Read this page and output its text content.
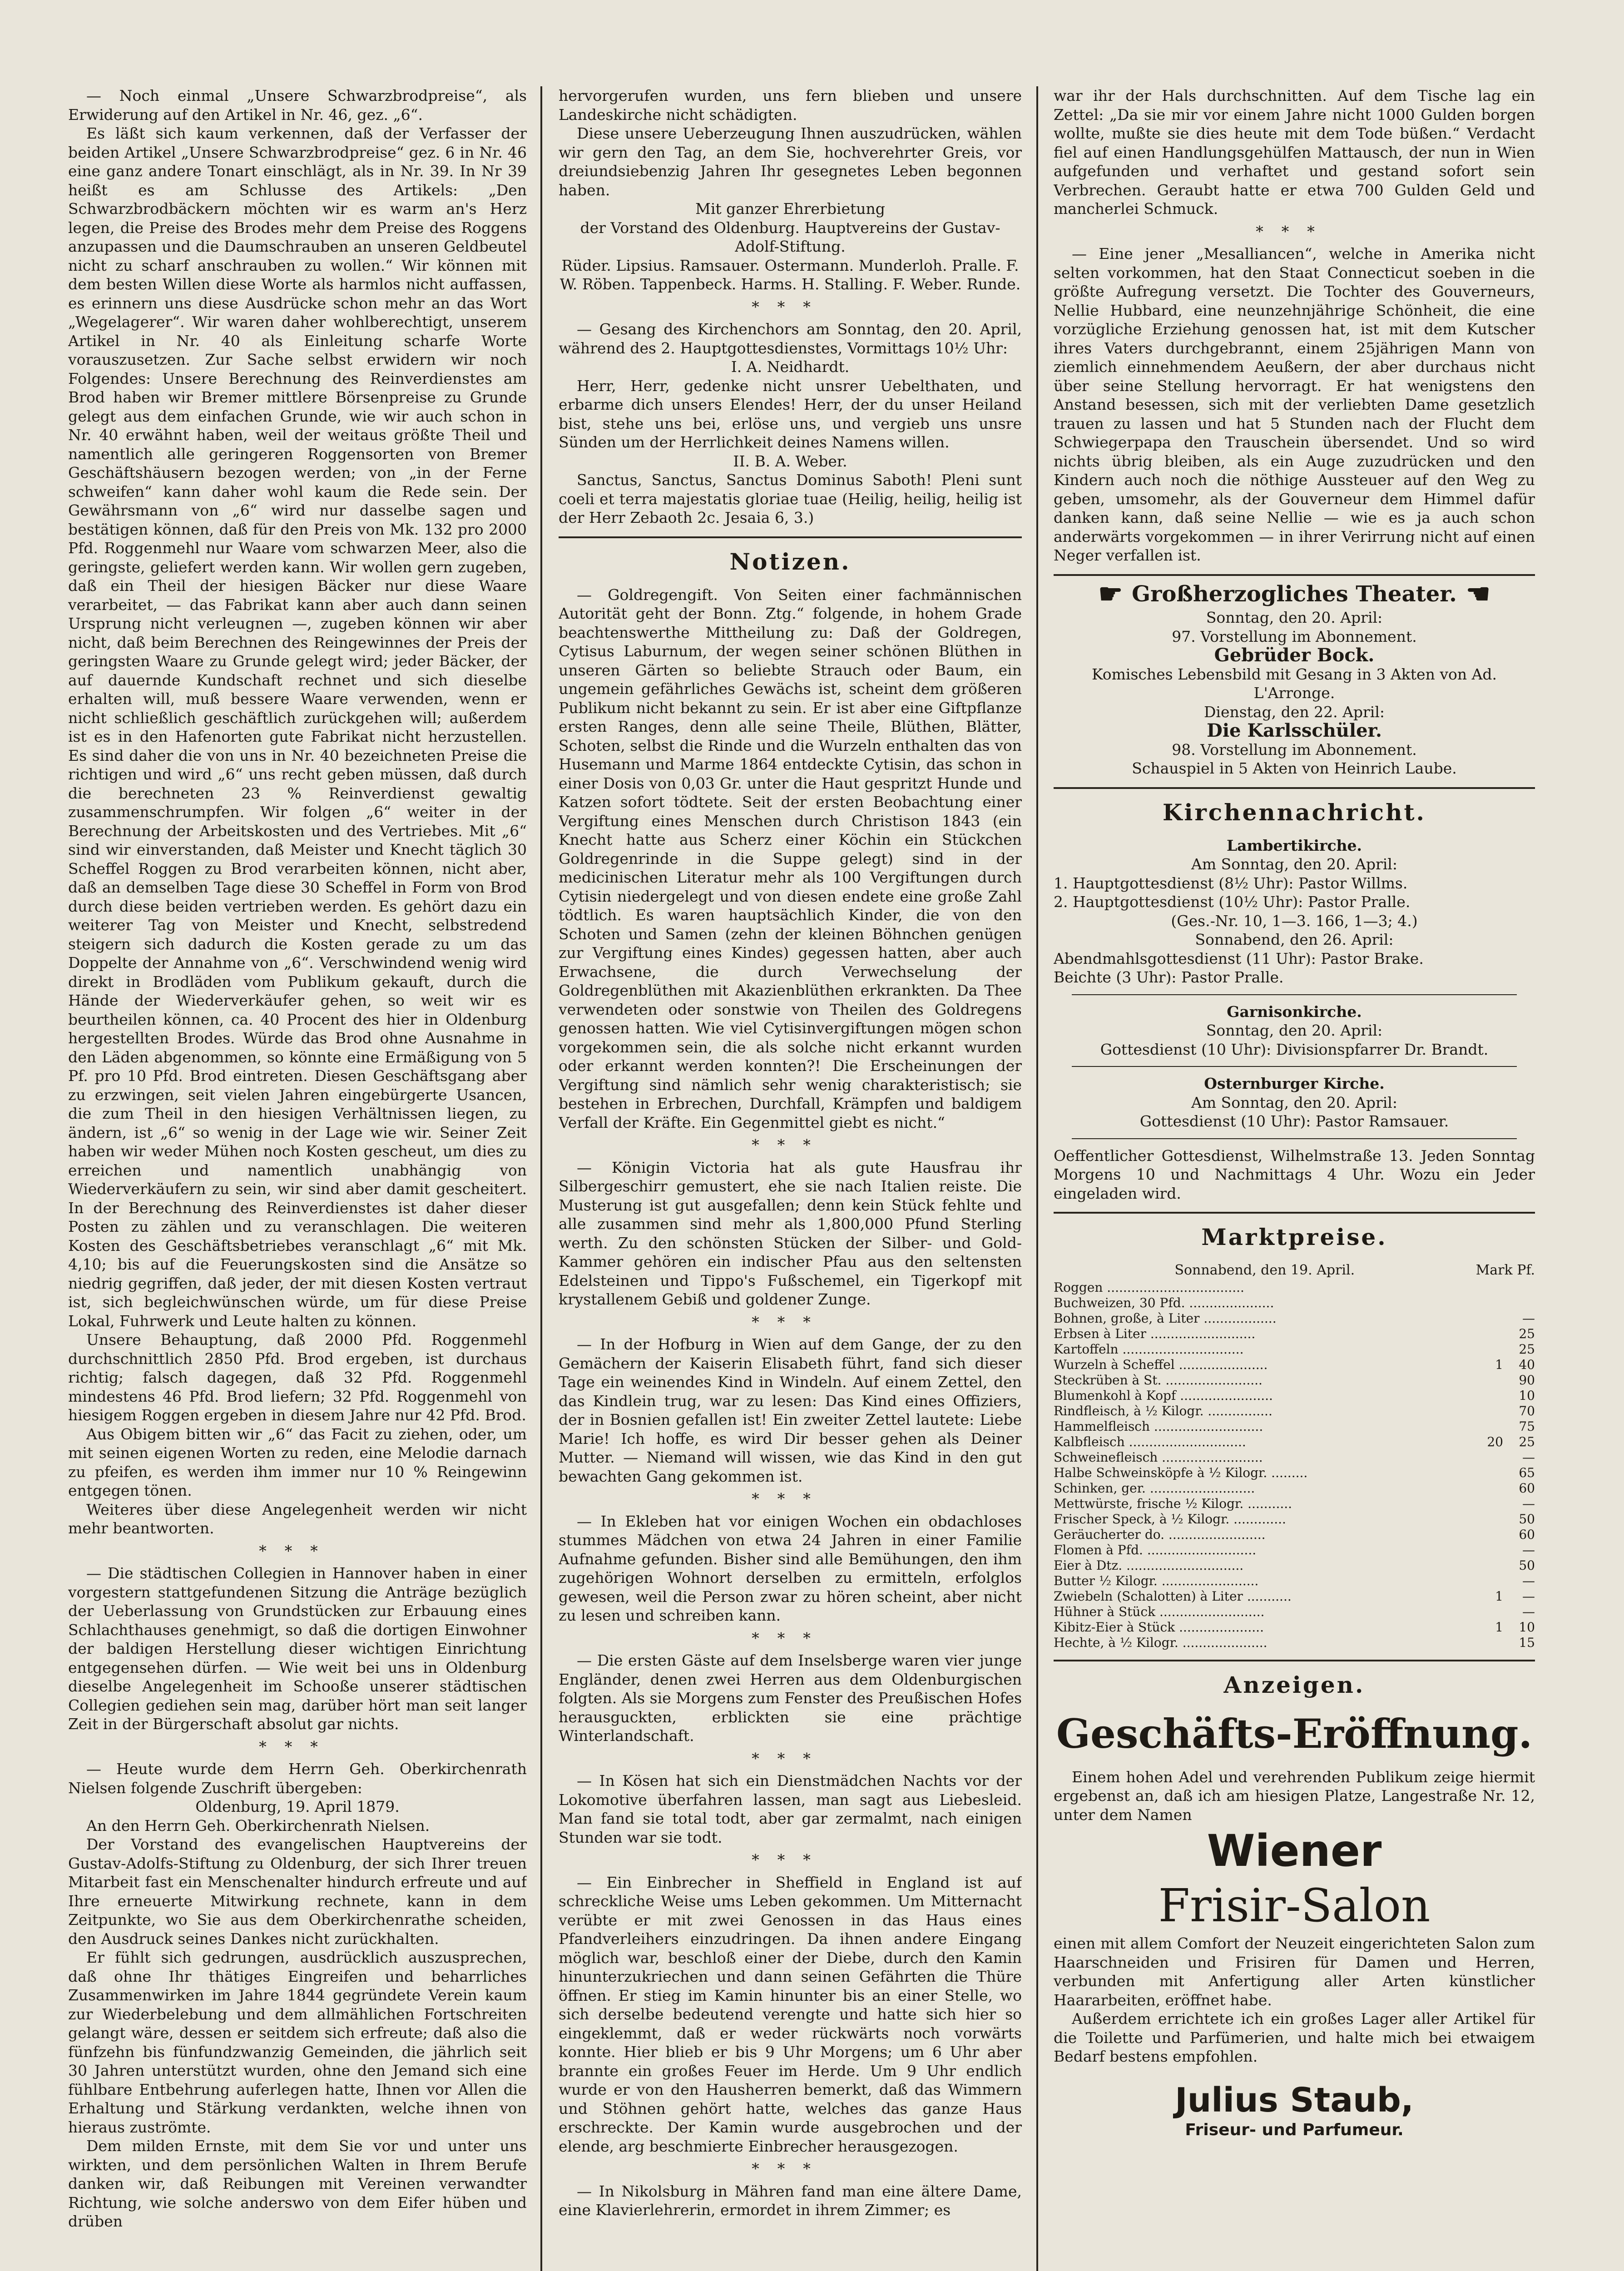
— Noch einmal „Unsere Schwarzbrodpreise“, als Erwiderung auf den Artikel in Nr. 46, gez. „6“.

Es läßt sich kaum verkennen, daß der Verfasser der beiden Artikel „Unsere Schwarzbrodpreise“ gez. 6 in Nr. 46 eine ganz andere Tonart einschlägt, als in Nr. 39. In Nr 39 heißt es am Schlusse des Artikels: „Den Schwarzbrodbäckern möchten wir es warm an's Herz legen, die Preise des Brodes mehr dem Preise des Roggens anzupassen und die Daumschrauben an unseren Geldbeutel nicht zu scharf anschrauben zu wollen.“ Wir können mit dem besten Willen diese Worte als harmlos nicht auffassen, es erinnern uns diese Ausdrücke schon mehr an das Wort „Wegelagerer“. Wir waren daher wohlberechtigt, unserem Artikel in Nr. 40 als Einleitung scharfe Worte vorauszusetzen. Zur Sache selbst erwidern wir noch Folgendes: Unsere Berechnung des Reinverdienstes am Brod haben wir Bremer mittlere Börsenpreise zu Grunde gelegt aus dem einfachen Grunde, wie wir auch schon in Nr. 40 erwähnt haben, weil der weitaus größte Theil und namentlich alle geringeren Roggensorten von Bremer Geschäftshäusern bezogen werden; von „in der Ferne schweifen“ kann daher wohl kaum die Rede sein. Der Gewährsmann von „6“ wird nur dasselbe sagen und bestätigen können, daß für den Preis von Mk. 132 pro 2000 Pfd. Roggenmehl nur Waare vom schwarzen Meer, also die geringste, geliefert werden kann. Wir wollen gern zugeben, daß ein Theil der hiesigen Bäcker nur diese Waare verarbeitet, — das Fabrikat kann aber auch dann seinen Ursprung nicht verleugnen —, zugeben können wir aber nicht, daß beim Berechnen des Reingewinnes der Preis der geringsten Waare zu Grunde gelegt wird; jeder Bäcker, der auf dauernde Kundschaft rechnet und sich dieselbe erhalten will, muß bessere Waare verwenden, wenn er nicht schließlich geschäftlich zurückgehen will; außerdem ist es in den Hafenorten gute Fabrikat nicht herzustellen. Es sind daher die von uns in Nr. 40 bezeichneten Preise die richtigen und wird „6“ uns recht geben müssen, daß durch die berechneten 23 % Reinverdienst gewaltig zusammenschrumpfen. Wir folgen „6“ weiter in der Berechnung der Arbeitskosten und des Vertriebes. Mit „6“ sind wir einverstanden, daß Meister und Knecht täglich 30 Scheffel Roggen zu Brod verarbeiten können, nicht aber, daß an demselben Tage diese 30 Scheffel in Form von Brod durch diese beiden vertrieben werden. Es gehört dazu ein weiterer Tag von Meister und Knecht, selbstredend steigern sich dadurch die Kosten gerade zu um das Doppelte der Annahme von „6“. Verschwindend wenig wird direkt in Brodläden vom Publikum gekauft, durch die Hände der Wiederverkäufer gehen, so weit wir es beurtheilen können, ca. 40 Procent des hier in Oldenburg hergestellten Brodes. Würde das Brod ohne Ausnahme in den Läden abgenommen, so könnte eine Ermäßigung von 5 Pf. pro 10 Pfd. Brod eintreten. Diesen Geschäftsgang aber zu erzwingen, seit vielen Jahren eingebürgerte Usancen, die zum Theil in den hiesigen Verhältnissen liegen, zu ändern, ist „6“ so wenig in der Lage wie wir. Seiner Zeit haben wir weder Mühen noch Kosten gescheut, um dies zu erreichen und namentlich unabhängig von Wiederverkäufern zu sein, wir sind aber damit gescheitert. In der Berechnung des Reinverdienstes ist daher dieser Posten zu zählen und zu veranschlagen. Die weiteren Kosten des Geschäftsbetriebes veranschlagt „6“ mit Mk. 4,10; bis auf die Feuerungskosten sind die Ansätze so niedrig gegriffen, daß jeder, der mit diesen Kosten vertraut ist, sich begleichwünschen würde, um für diese Preise Lokal, Fuhrwerk und Leute halten zu können.

Unsere Behauptung, daß 2000 Pfd. Roggenmehl durchschnittlich 2850 Pfd. Brod ergeben, ist durchaus richtig; falsch dagegen, daß 32 Pfd. Roggenmehl mindestens 46 Pfd. Brod liefern; 32 Pfd. Roggenmehl von hiesigem Roggen ergeben in diesem Jahre nur 42 Pfd. Brod.

Aus Obigem bitten wir „6“ das Facit zu ziehen, oder, um mit seinen eigenen Worten zu reden, eine Melodie darnach zu pfeifen, es werden ihm immer nur 10 % Reingewinn entgegen tönen.

Weiteres über diese Angelegenheit werden wir nicht mehr beantworten.

***

— Die städtischen Collegien in Hannover haben in einer vorgestern stattgefundenen Sitzung die Anträge bezüglich der Ueberlassung von Grundstücken zur Erbauung eines Schlachthauses genehmigt, so daß die dortigen Einwohner der baldigen Herstellung dieser wichtigen Einrichtung entgegensehen dürfen. — Wie weit bei uns in Oldenburg dieselbe Angelegenheit im Schooße unserer städtischen Collegien gediehen sein mag, darüber hört man seit langer Zeit in der Bürgerschaft absolut gar nichts.

***

— Heute wurde dem Herrn Geh. Oberkirchenrath Nielsen folgende Zuschrift übergeben:

Oldenburg, 19. April 1879.

An den Herrn Geh. Oberkirchenrath Nielsen.

Der Vorstand des evangelischen Hauptvereins der Gustav-Adolfs-Stiftung zu Oldenburg, der sich Ihrer treuen Mitarbeit fast ein Menschenalter hindurch erfreute und auf Ihre erneuerte Mitwirkung rechnete, kann in dem Zeitpunkte, wo Sie aus dem Oberkirchenrathe scheiden, den Ausdruck seines Dankes nicht zurückhalten.

Er fühlt sich gedrungen, ausdrücklich auszusprechen, daß ohne Ihr thätiges Eingreifen und beharrliches Zusammenwirken im Jahre 1844 gegründete Verein kaum zur Wiederbelebung und dem allmählichen Fortschreiten gelangt wäre, dessen er seitdem sich erfreute; daß also die fünfzehn bis fünfundzwanzig Gemeinden, die jährlich seit 30 Jahren unterstützt wurden, ohne den Jemand sich eine fühlbare Entbehrung auferlegen hatte, Ihnen vor Allen die Erhaltung und Stärkung verdankten, welche ihnen von hieraus zuströmte.

Dem milden Ernste, mit dem Sie vor und unter uns wirkten, und dem persönlichen Walten in Ihrem Berufe danken wir, daß Reibungen mit Vereinen verwandter Richtung, wie solche anderswo von dem Eifer hüben und drüben

hervorgerufen wurden, uns fern blieben und unsere Landeskirche nicht schädigten.

Diese unsere Ueberzeugung Ihnen auszudrücken, wählen wir gern den Tag, an dem Sie, hochverehrter Greis, vor dreiundsiebenzig Jahren Ihr gesegnetes Leben begonnen haben.

Mit ganzer Ehrerbietung

der Vorstand des Oldenburg. Hauptvereins der Gustav-Adolf-Stiftung.

Rüder. Lipsius. Ramsauer. Ostermann. Munderloh. Pralle. F. W. Röben. Tappenbeck. Harms. H. Stalling. F. Weber. Runde.

***

— Gesang des Kirchenchors am Sonntag, den 20. April, während des 2. Hauptgottesdienstes, Vormittags 10½ Uhr:

I. A. Neidhardt.

Herr, Herr, gedenke nicht unsrer Uebelthaten, und erbarme dich unsers Elendes! Herr, der du unser Heiland bist, stehe uns bei, erlöse uns, und vergieb uns unsre Sünden um der Herrlichkeit deines Namens willen.

II. B. A. Weber.

Sanctus, Sanctus, Sanctus Dominus Saboth! Pleni sunt coeli et terra majestatis gloriae tuae (Heilig, heilig, heilig ist der Herr Zebaoth 2c. Jesaia 6, 3.)

Notizen.

— Goldregengift. Von Seiten einer fachmännischen Autorität geht der Bonn. Ztg.“ folgende, in hohem Grade beachtenswerthe Mittheilung zu: Daß der Goldregen, Cytisus Laburnum, der wegen seiner schönen Blüthen in unseren Gärten so beliebte Strauch oder Baum, ein ungemein gefährliches Gewächs ist, scheint dem größeren Publikum nicht bekannt zu sein. Er ist aber eine Giftpflanze ersten Ranges, denn alle seine Theile, Blüthen, Blätter, Schoten, selbst die Rinde und die Wurzeln enthalten das von Husemann und Marme 1864 entdeckte Cytisin, das schon in einer Dosis von 0,03 Gr. unter die Haut gespritzt Hunde und Katzen sofort tödtete. Seit der ersten Beobachtung einer Vergiftung eines Menschen durch Christison 1843 (ein Knecht hatte aus Scherz einer Köchin ein Stückchen Goldregenrinde in die Suppe gelegt) sind in der medicinischen Literatur mehr als 100 Vergiftungen durch Cytisin niedergelegt und von diesen endete eine große Zahl tödtlich. Es waren hauptsächlich Kinder, die von den Schoten und Samen (zehn der kleinen Böhnchen genügen zur Vergiftung eines Kindes) gegessen hatten, aber auch Erwachsene, die durch Verwechselung der Goldregenblüthen mit Akazienblüthen erkrankten. Da Thee verwendeten oder sonstwie von Theilen des Goldregens genossen hatten. Wie viel Cytisinvergiftungen mögen schon vorgekommen sein, die als solche nicht erkannt wurden oder erkannt werden konnten?! Die Erscheinungen der Vergiftung sind nämlich sehr wenig charakteristisch; sie bestehen in Erbrechen, Durchfall, Krämpfen und baldigem Verfall der Kräfte. Ein Gegenmittel giebt es nicht.“

***

— Königin Victoria hat als gute Hausfrau ihr Silbergeschirr gemustert, ehe sie nach Italien reiste. Die Musterung ist gut ausgefallen; denn kein Stück fehlte und alle zusammen sind mehr als 1,800,000 Pfund Sterling werth. Zu den schönsten Stücken der Silber- und Gold-Kammer gehören ein indischer Pfau aus den seltensten Edelsteinen und Tippo's Fußschemel, ein Tigerkopf mit krystallenem Gebiß und goldener Zunge.

***

— In der Hofburg in Wien auf dem Gange, der zu den Gemächern der Kaiserin Elisabeth führt, fand sich dieser Tage ein weinendes Kind in Windeln. Auf einem Zettel, den das Kindlein trug, war zu lesen: Das Kind eines Offiziers, der in Bosnien gefallen ist! Ein zweiter Zettel lautete: Liebe Marie! Ich hoffe, es wird Dir besser gehen als Deiner Mutter. — Niemand will wissen, wie das Kind in den gut bewachten Gang gekommen ist.

***

— In Ekleben hat vor einigen Wochen ein obdachloses stummes Mädchen von etwa 24 Jahren in einer Familie Aufnahme gefunden. Bisher sind alle Bemühungen, den ihm zugehörigen Wohnort derselben zu ermitteln, erfolglos gewesen, weil die Person zwar zu hören scheint, aber nicht zu lesen und schreiben kann.

***

— Die ersten Gäste auf dem Inselsberge waren vier junge Engländer, denen zwei Herren aus dem Oldenburgischen folgten. Als sie Morgens zum Fenster des Preußischen Hofes herausguckten, erblickten sie eine prächtige Winterlandschaft.

***

— In Kösen hat sich ein Dienstmädchen Nachts vor der Lokomotive überfahren lassen, man sagt aus Liebesleid. Man fand sie total todt, aber gar zermalmt, nach einigen Stunden war sie todt.

***

— Ein Einbrecher in Sheffield in England ist auf schreckliche Weise ums Leben gekommen. Um Mitternacht verübte er mit zwei Genossen in das Haus eines Pfandverleihers einzudringen. Da ihnen andere Eingang möglich war, beschloß einer der Diebe, durch den Kamin hinunterzukriechen und dann seinen Gefährten die Thüre öffnen. Er stieg im Kamin hinunter bis an einer Stelle, wo sich derselbe bedeutend verengte und hatte sich hier so eingeklemmt, daß er weder rückwärts noch vorwärts konnte. Hier blieb er bis 9 Uhr Morgens; um 6 Uhr aber brannte ein großes Feuer im Herde. Um 9 Uhr endlich wurde er von den Hausherren bemerkt, daß das Wimmern und Stöhnen gehört hatte, welches das ganze Haus erschreckte. Der Kamin wurde ausgebrochen und der elende, arg beschmierte Einbrecher herausgezogen.

***

— In Nikolsburg in Mähren fand man eine ältere Dame, eine Klavierlehrerin, ermordet in ihrem Zimmer; es

war ihr der Hals durchschnitten. Auf dem Tische lag ein Zettel: „Da sie mir vor einem Jahre nicht 1000 Gulden borgen wollte, mußte sie dies heute mit dem Tode büßen.“ Verdacht fiel auf einen Handlungsgehülfen Mattausch, der nun in Wien aufgefunden und verhaftet und gestand sofort sein Verbrechen. Geraubt hatte er etwa 700 Gulden Geld und mancherlei Schmuck.

***

— Eine jener „Mesalliancen“, welche in Amerika nicht selten vorkommen, hat den Staat Connecticut soeben in die größte Aufregung versetzt. Die Tochter des Gouverneurs, Nellie Hubbard, eine neunzehnjährige Schönheit, die eine vorzügliche Erziehung genossen hat, ist mit dem Kutscher ihres Vaters durchgebrannt, einem 25jährigen Mann von ziemlich einnehmendem Aeußern, der aber durchaus nicht über seine Stellung hervorragt. Er hat wenigstens den Anstand besessen, sich mit der verliebten Dame gesetzlich trauen zu lassen und hat 5 Stunden nach der Flucht dem Schwiegerpapa den Trauschein übersendet. Und so wird nichts übrig bleiben, als ein Auge zuzudrücken und den Kindern auch noch die nöthige Aussteuer auf den Weg zu geben, umsomehr, als der Gouverneur dem Himmel dafür danken kann, daß seine Nellie — wie es ja auch schon anderwärts vorgekommen — in ihrer Verirrung nicht auf einen Neger verfallen ist.

☛ Großherzogliches Theater. ☛

Sonntag, den 20. April:

97. Vorstellung im Abonnement.

Gebrüder Bock.

Komisches Lebensbild mit Gesang in 3 Akten von Ad. L'Arronge.

Dienstag, den 22. April:

Die Karlsschüler.

98. Vorstellung im Abonnement.

Schauspiel in 5 Akten von Heinrich Laube.

Kirchennachricht.

Lambertikirche.

Am Sonntag, den 20. April:

1. Hauptgottesdienst (8½ Uhr): Pastor Willms.

2. Hauptgottesdienst (10½ Uhr): Pastor Pralle.

(Ges.-Nr. 10, 1—3. 166, 1—3; 4.)

Sonnabend, den 26. April:

Abendmahlsgottesdienst (11 Uhr): Pastor Brake.

Beichte (3 Uhr): Pastor Pralle.

Garnisonkirche.

Sonntag, den 20. April:

Gottesdienst (10 Uhr): Divisionspfarrer Dr. Brandt.

Osternburger Kirche.

Am Sonntag, den 20. April:

Gottesdienst (10 Uhr): Pastor Ramsauer.

Oeffentlicher Gottesdienst, Wilhelmstraße 13. Jeden Sonntag Morgens 10 und Nachmittags 4 Uhr. Wozu ein Jeder eingeladen wird.

Marktpreise.
Sonnabend, den 19. April.	Mark Pf.
Roggen ..................................		
Buchweizen, 30 Pfd. .....................		
Bohnen, große, à Liter ..................		—
Erbsen à Liter ..........................		25
Kartoffeln ..............................		25
Wurzeln à Scheffel ......................	1	40
Steckrüben à St. ........................		90
Blumenkohl à Kopf .......................		10
Rindfleisch, à ½ Kilogr. ................		70
Hammelfleisch ...........................		75
Kalbfleisch .............................	20	25
Schweinefleisch .........................		—
Halbe Schweinsköpfe à ½ Kilogr. .........		65
Schinken, ger. ..........................		60
Mettwürste, frische ½ Kilogr. ...........		—
Frischer Speck, à ½ Kilogr. .............		50
Geräucherter do. ........................		60
Flomen à Pfd. ...........................		—
Eier à Dtz. .............................		50
Butter ½ Kilogr. ........................		—
Zwiebeln (Schalotten) à Liter ...........	1	—
Hühner à Stück ..........................		—
Kibitz-Eier à Stück .....................	1	10
Hechte, à ½ Kilogr. .....................		15
Anzeigen.
Geschäfts-Eröffnung.

Einem hohen Adel und verehrenden Publikum zeige hiermit ergebenst an, daß ich am hiesigen Platze, Langestraße Nr. 12, unter dem Namen

Wiener
Frisir-Salon

einen mit allem Comfort der Neuzeit eingerichteten Salon zum Haarschneiden und Frisiren für Damen und Herren, verbunden mit Anfertigung aller Arten künstlicher Haararbeiten, eröffnet habe.

Außerdem errichtete ich ein großes Lager aller Artikel für die Toilette und Parfümerien, und halte mich bei etwaigem Bedarf bestens empfohlen.

Julius Staub,
Friseur- und Parfumeur.
